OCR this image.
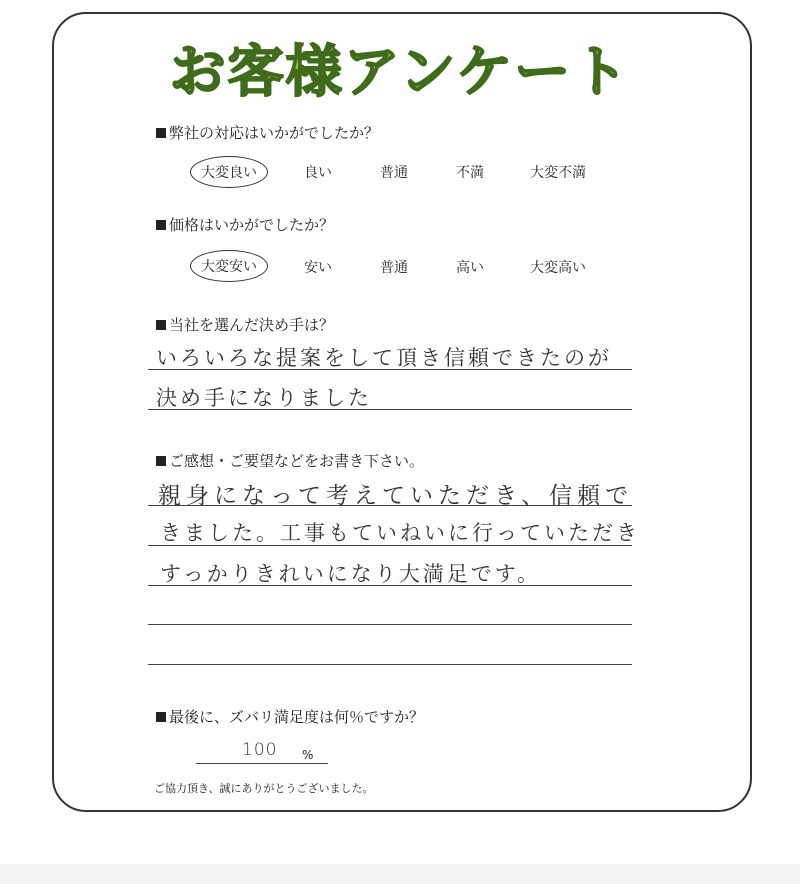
お客様アンケート
弊社の対応はいかがでしたか？
大変良い	良い	普通	不満	大変不満
価格はいかがでしたか？
大変安い	安い	普通	高い	大変高い
当社を選んだ決め手は？
いろいろな提案をして頂き信頼できたのが
決め手になりました
ご感想・ご要望などをお書き下さい。
親身になって考えていただき、信頼で
きました。工事もていねいに行っていただき
すっかりきれいになり大満足です。
最後に、ズバリ満足度は何％ですか？
100 %
ご協力頂き、誠にありがとうございました。
